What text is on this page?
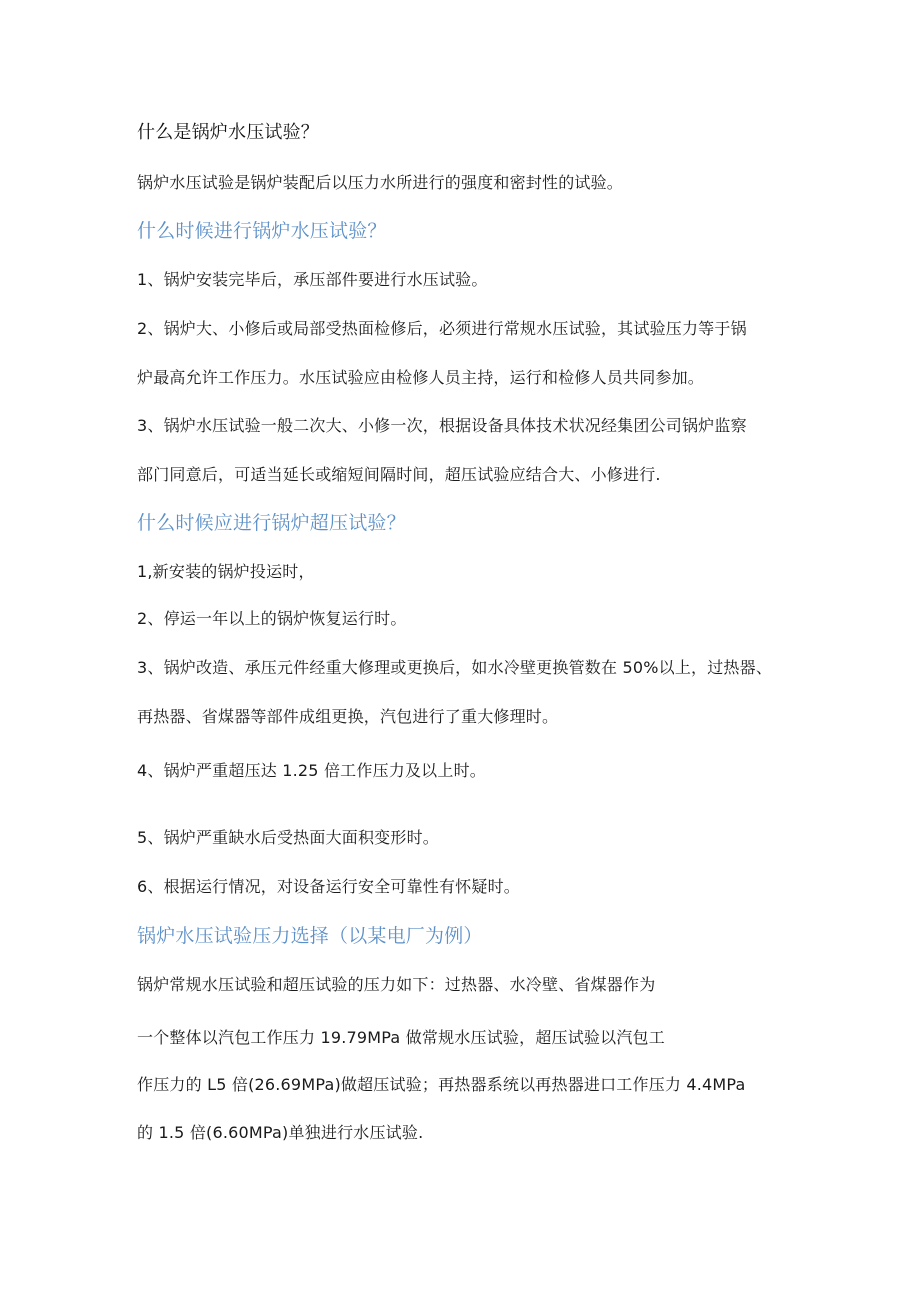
什么是锅炉水压试验？
锅炉水压试验是锅炉装配后以压力水所进行的强度和密封性的试验。
什么时候进行锅炉水压试验？
1、锅炉安装完毕后，承压部件要进行水压试验。
2、锅炉大、小修后或局部受热面检修后，必须进行常规水压试验，其试验压力等于锅
炉最高允许工作压力。水压试验应由检修人员主持，运行和检修人员共同参加。
3、锅炉水压试验一般二次大、小修一次，根据设备具体技术状况经集团公司锅炉监察
部门同意后，可适当延长或缩短间隔时间，超压试验应结合大、小修进行.
什么时候应进行锅炉超压试验？
1,新安装的锅炉投运时，
2、停运一年以上的锅炉恢复运行时。
3、锅炉改造、承压元件经重大修理或更换后，如水冷壁更换管数在 50%以上，过热器、
再热器、省煤器等部件成组更换，汽包进行了重大修理时。
4、锅炉严重超压达 1.25 倍工作压力及以上时。
5、锅炉严重缺水后受热面大面积变形时。
6、根据运行情况，对设备运行安全可靠性有怀疑时。
锅炉水压试验压力选择（以某电厂为例）
锅炉常规水压试验和超压试验的压力如下：过热器、水冷壁、省煤器作为
一个整体以汽包工作压力 19.79MPa 做常规水压试验，超压试验以汽包工
作压力的 L5 倍(26.69MPa)做超压试验；再热器系统以再热器进口工作压力 4.4MPa
的 1.5 倍(6.60MPa)单独进行水压试验.
